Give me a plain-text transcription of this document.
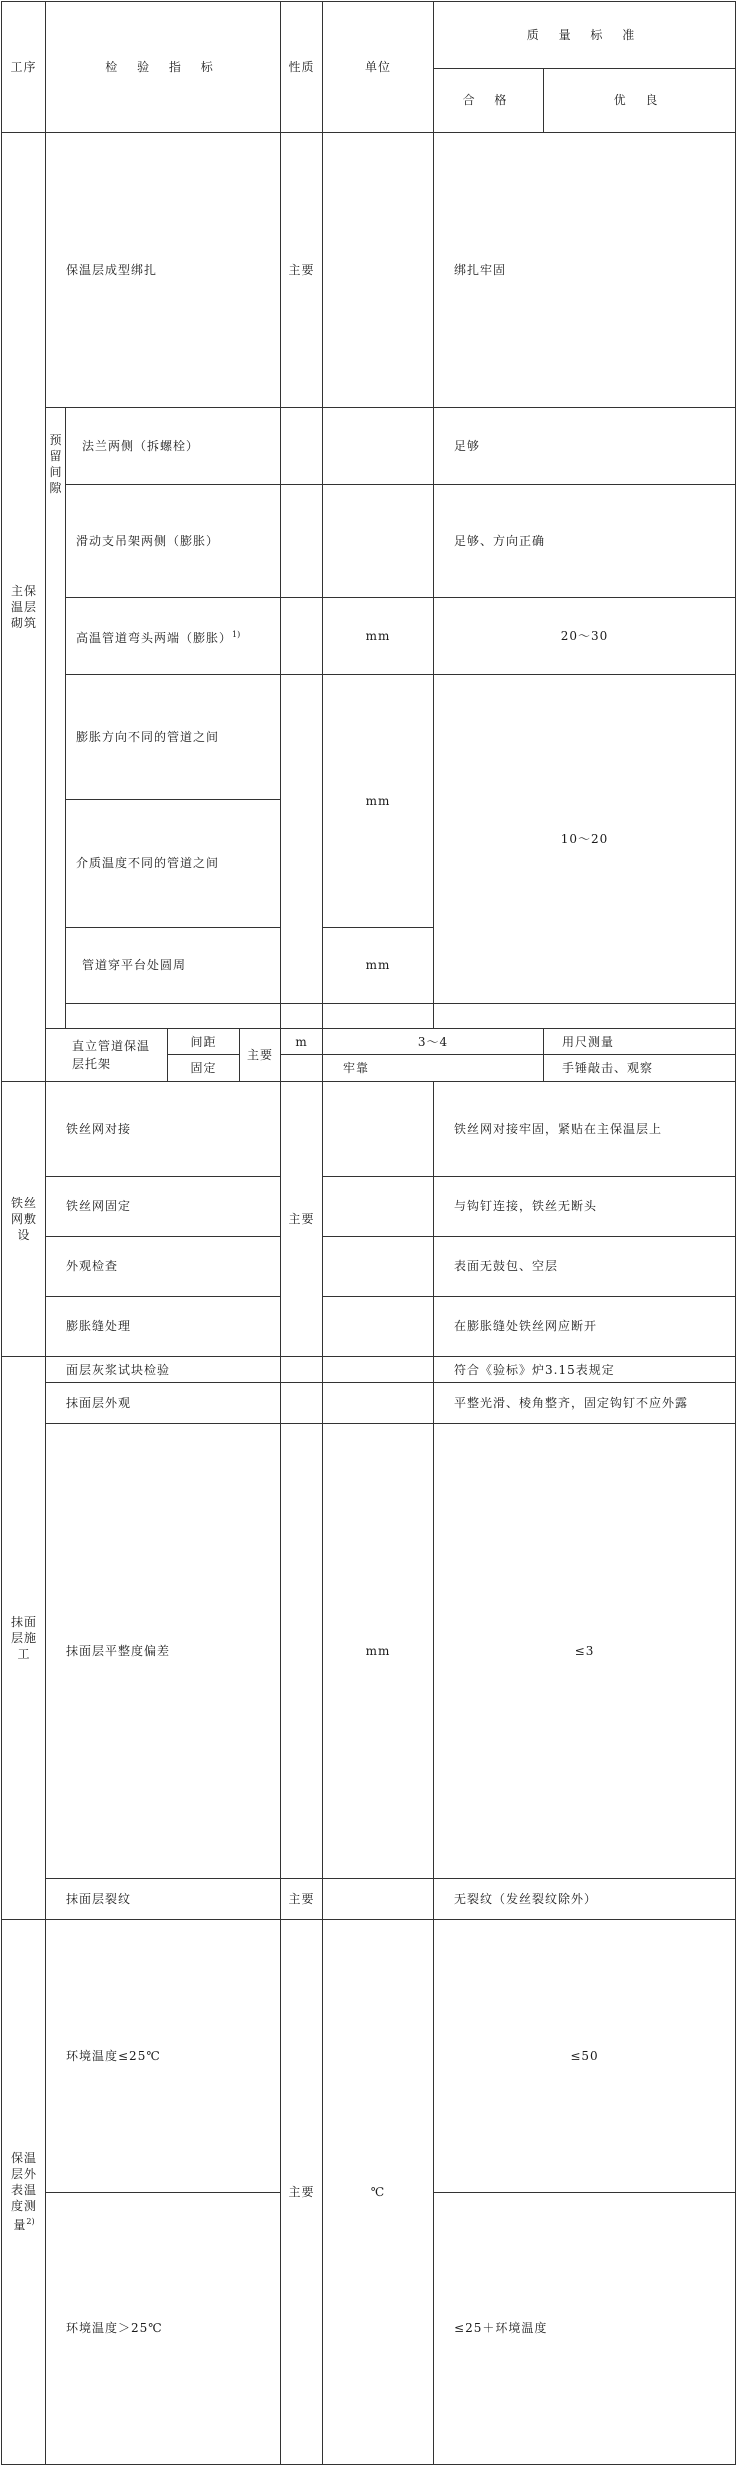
工序	检 验 指 标				性质	单位	质 量 标 准	
							合 格	优 良	
主保温层砌筑	保温层成型绑扎				主要		绑扎牢固	
	预留间隙	法兰两侧（拆螺栓）					足够	
		滑动支吊架两侧（膨胀）					足够、方向正确	
		高温管道弯头两端（膨胀）$^{1)}$				mm	20～30	
		膨胀方向不同的管道之间				mm	10～20	
		介质温度不同的管道之间							
		管道穿平台处圆周				mm			

	直立管道保温层托架		间距	主要	m	3～4		用尺测量	
			固定			牢靠		手锤敲击、观察	
铁丝网敷设	铁丝网对接				主要		铁丝网对接牢固，紧贴在主保温层上	
	铁丝网固定						与钩钉连接，铁丝无断头		
	外观检查						表面无鼓包、空层		
	膨胀缝处理						在膨胀缝处铁丝网应断开		
抹面层施工	面层灰浆试块检验						符合《验标》炉3.15表规定		
	抹面层外观						平整光滑、棱角整齐，固定钩钉不应外露	
	抹面层平整度偏差					mm	≤3	
	抹面层裂纹				主要		无裂纹（发丝裂纹除外）	
保温层外表温度测量$^{2)}$	环境温度≤25℃				主要	℃	≤50	
	环境温度＞25℃						≤25＋环境温度		
